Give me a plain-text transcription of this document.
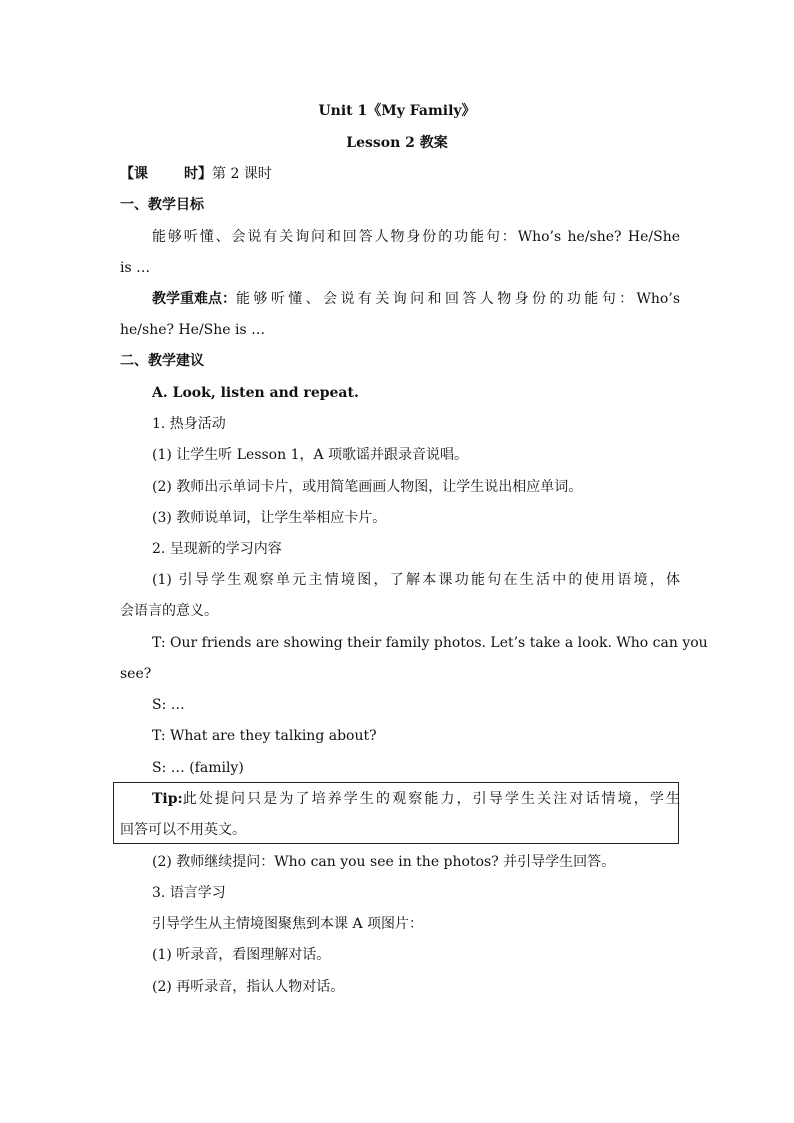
Unit 1《My Family》
Lesson 2 教案
【课	时】第 2 课时
一、教学目标
能够听懂、会说有关询问和回答人物身份的功能句：Who’s he/she? He/She
is …
教学重难点： 能够听懂、会说有关询问和回答人物身份的功能句：Who’s
he/she? He/She is …
二、教学建议
A. Look, listen and repeat.
1. 热身活动
(1) 让学生听 Lesson 1，A 项歌谣并跟录音说唱。
(2) 教师出示单词卡片，或用简笔画画人物图，让学生说出相应单词。
(3) 教师说单词，让学生举相应卡片。
2. 呈现新的学习内容
(1) 引导学生观察单元主情境图，了解本课功能句在生活中的使用语境，体
会语言的意义。
T: Our friends are showing their family photos. Let’s take a look. Who can you
see?
S: …
T: What are they talking about?
S: … (family)
Tip: 此处提问只是为了培养学生的观察能力，引导学生关注对话情境，学生
回答可以不用英文。
(2) 教师继续提问：Who can you see in the photos? 并引导学生回答。
3. 语言学习
引导学生从主情境图聚焦到本课 A 项图片：
(1) 听录音，看图理解对话。
(2) 再听录音，指认人物对话。
